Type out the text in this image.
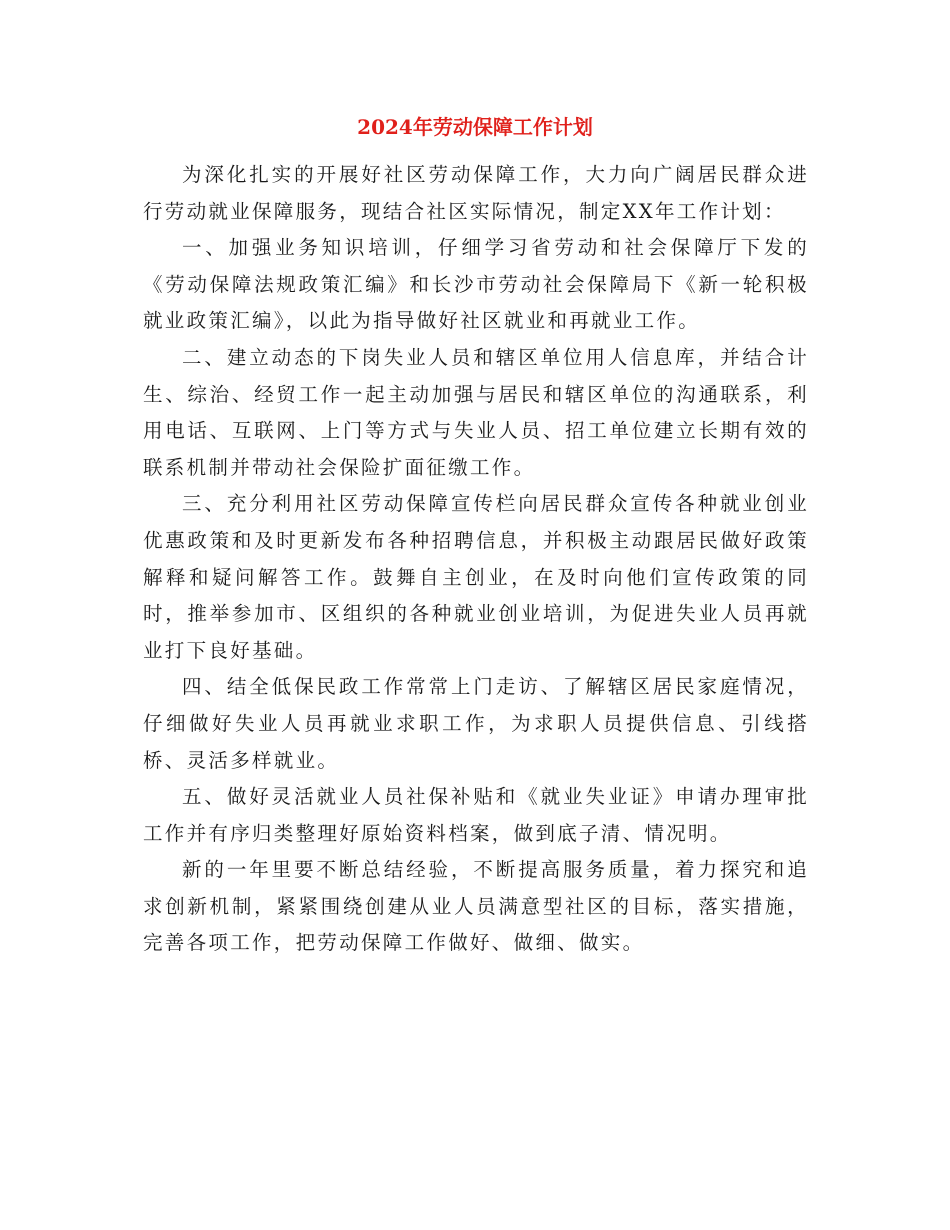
2024年劳动保障工作计划

为深化扎实的开展好社区劳动保障工作，大力向广阔居民群众进行劳动就业保障服务，现结合社区实际情况，制定XX年工作计划：

一、加强业务知识培训，仔细学习省劳动和社会保障厅下发的《劳动保障法规政策汇编》和长沙市劳动社会保障局下《新一轮积极就业政策汇编》，以此为指导做好社区就业和再就业工作。

二、建立动态的下岗失业人员和辖区单位用人信息库，并结合计生、综治、经贸工作一起主动加强与居民和辖区单位的沟通联系，利用电话、互联网、上门等方式与失业人员、招工单位建立长期有效的联系机制并带动社会保险扩面征缴工作。

三、充分利用社区劳动保障宣传栏向居民群众宣传各种就业创业优惠政策和及时更新发布各种招聘信息，并积极主动跟居民做好政策解释和疑问解答工作。鼓舞自主创业，在及时向他们宣传政策的同时，推举参加市、区组织的各种就业创业培训，为促进失业人员再就业打下良好基础。

四、结全低保民政工作常常上门走访、了解辖区居民家庭情况，仔细做好失业人员再就业求职工作，为求职人员提供信息、引线搭桥、灵活多样就业。

五、做好灵活就业人员社保补贴和《就业失业证》申请办理审批工作并有序归类整理好原始资料档案，做到底子清、情况明。

新的一年里要不断总结经验，不断提高服务质量，着力探究和追求创新机制，紧紧围绕创建从业人员满意型社区的目标，落实措施，完善各项工作，把劳动保障工作做好、做细、做实。
